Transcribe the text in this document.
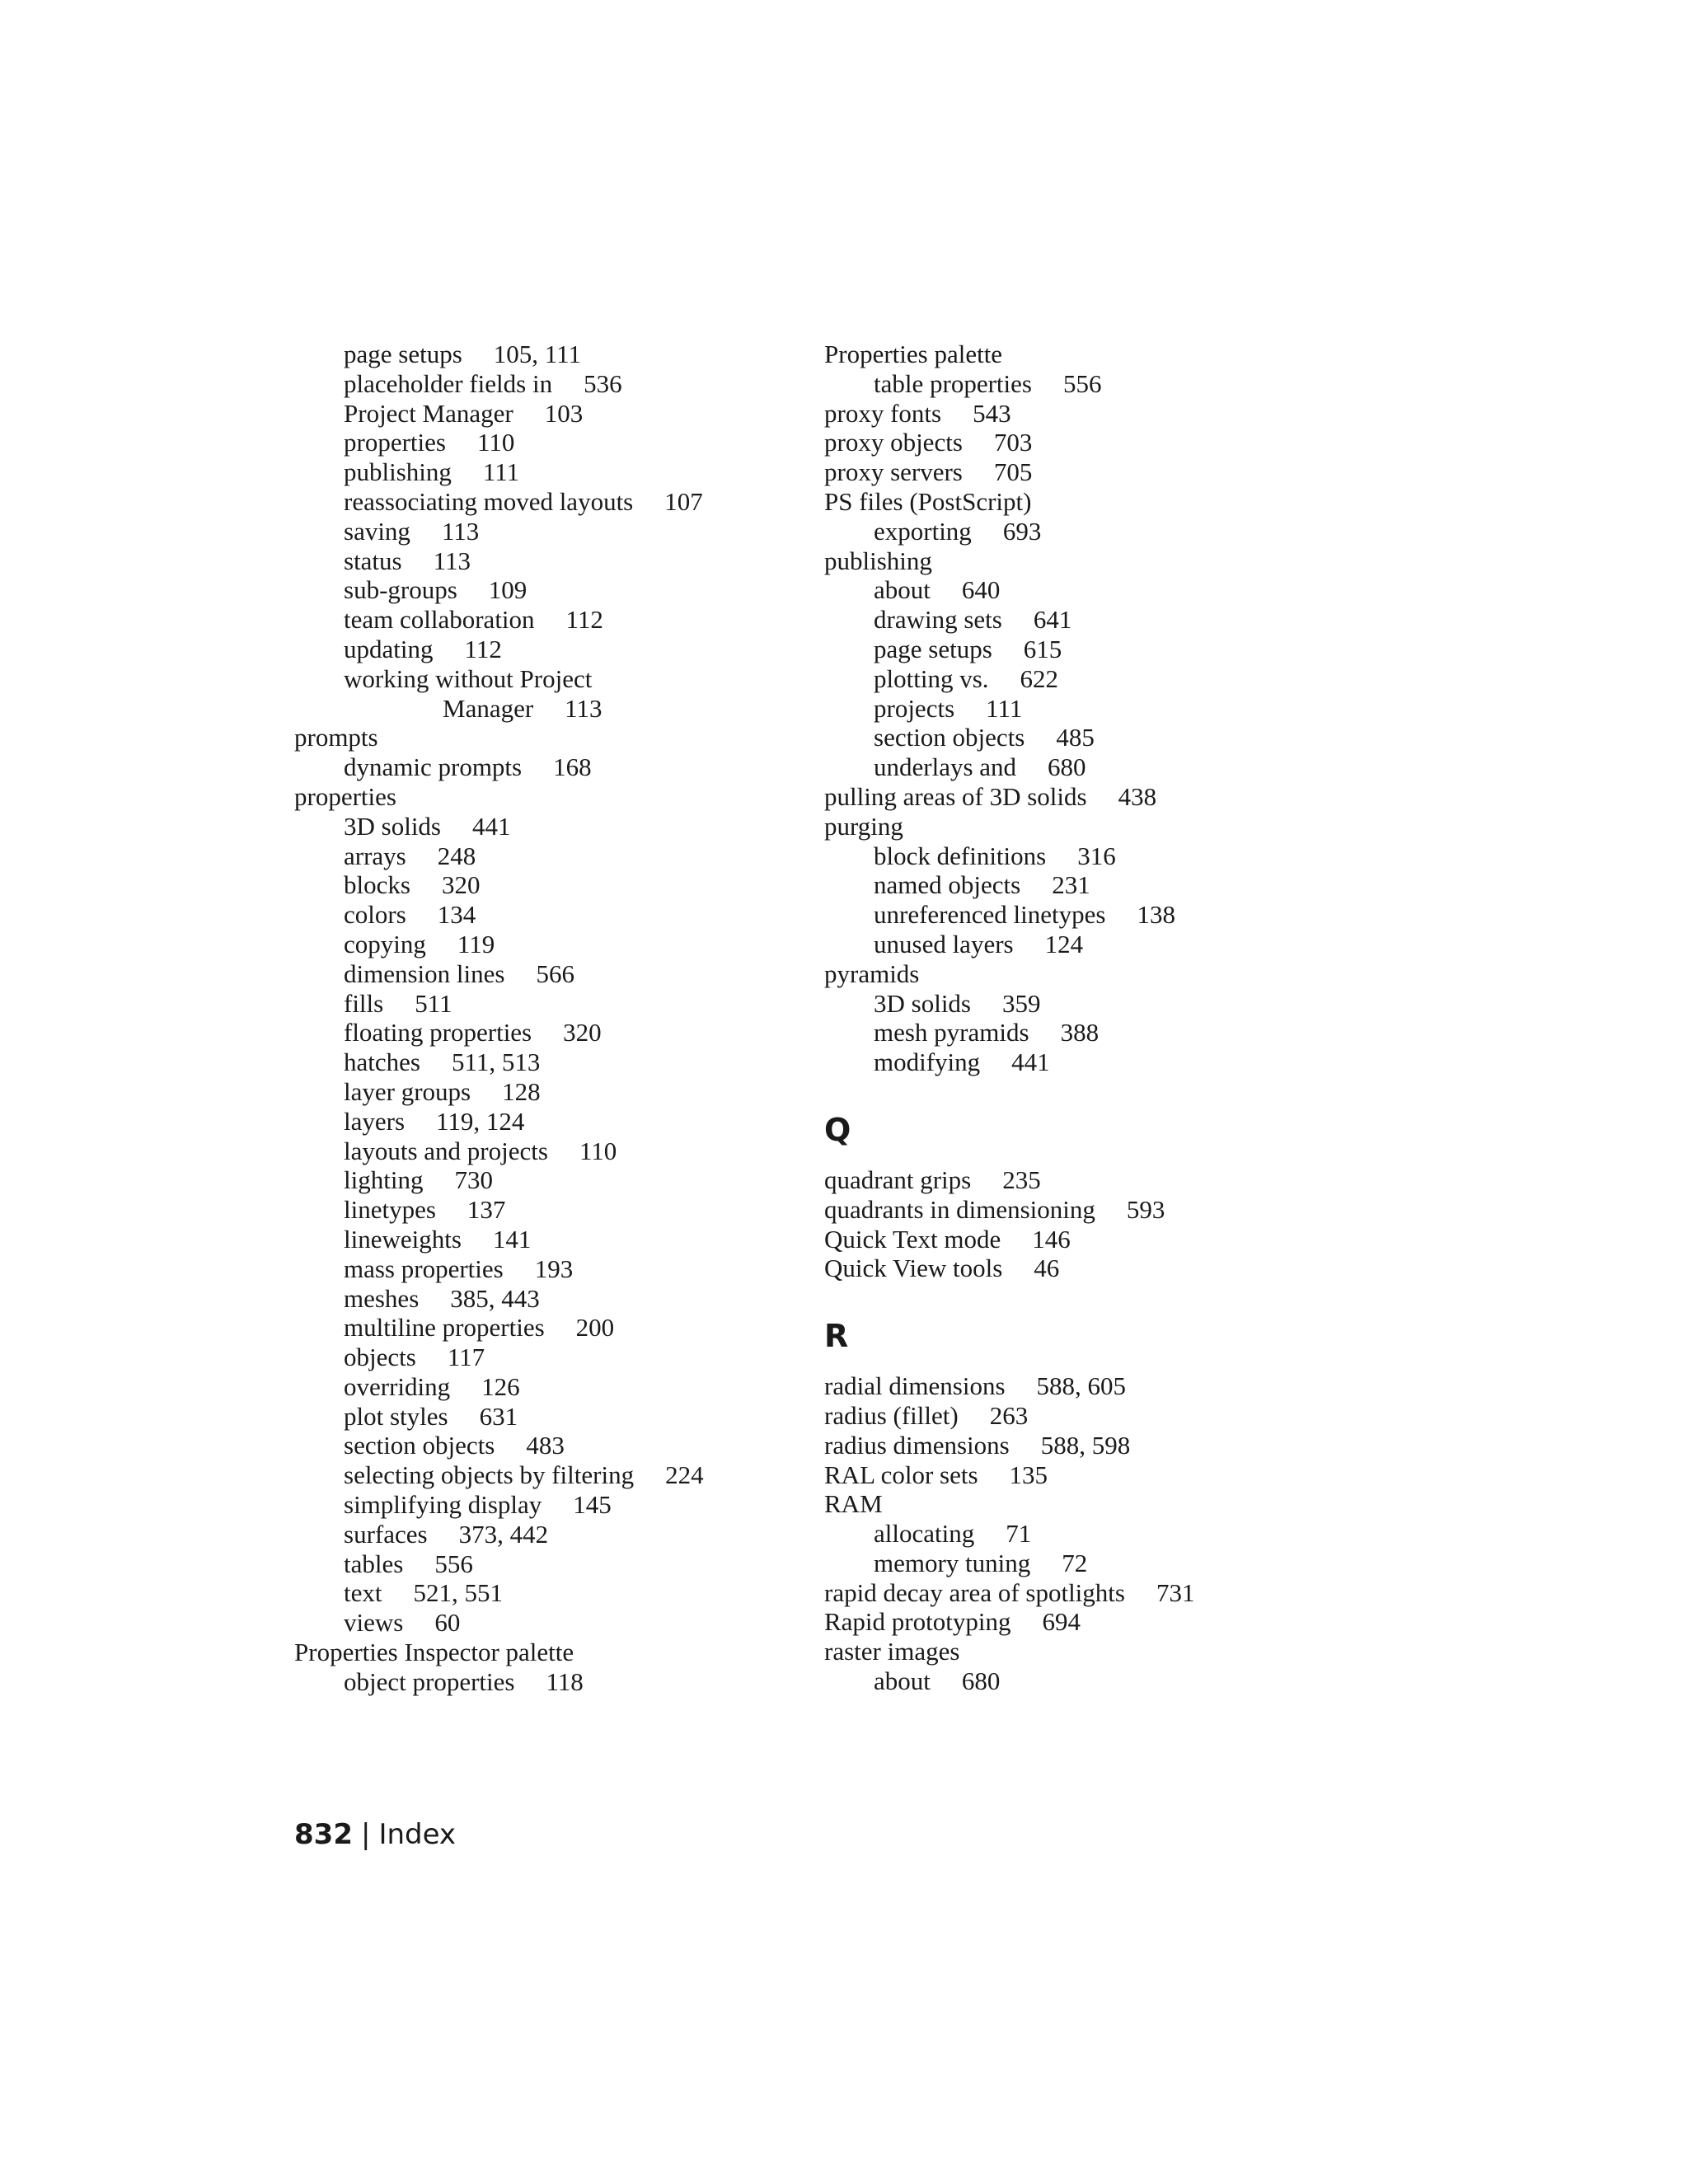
page setups 105, 111
placeholder fields in 536
Project Manager 103
properties 110
publishing 111
reassociating moved layouts 107
saving 113
status 113
sub-groups 109
team collaboration 112
updating 112
working without Project
Manager 113
prompts
dynamic prompts 168
properties
3D solids 441
arrays 248
blocks 320
colors 134
copying 119
dimension lines 566
fills 511
floating properties 320
hatches 511, 513
layer groups 128
layers 119, 124
layouts and projects 110
lighting 730
linetypes 137
lineweights 141
mass properties 193
meshes 385, 443
multiline properties 200
objects 117
overriding 126
plot styles 631
section objects 483
selecting objects by filtering 224
simplifying display 145
surfaces 373, 442
tables 556
text 521, 551
views 60
Properties Inspector palette
object properties 118
Properties palette
table properties 556
proxy fonts 543
proxy objects 703
proxy servers 705
PS files (PostScript)
exporting 693
publishing
about 640
drawing sets 641
page setups 615
plotting vs. 622
projects 111
section objects 485
underlays and 680
pulling areas of 3D solids 438
purging
block definitions 316
named objects 231
unreferenced linetypes 138
unused layers 124
pyramids
3D solids 359
mesh pyramids 388
modifying 441
Q
quadrant grips 235
quadrants in dimensioning 593
Quick Text mode 146
Quick View tools 46
R
radial dimensions 588, 605
radius (fillet) 263
radius dimensions 588, 598
RAL color sets 135
RAM
allocating 71
memory tuning 72
rapid decay area of spotlights 731
Rapid prototyping 694
raster images
about 680
832 | Index
